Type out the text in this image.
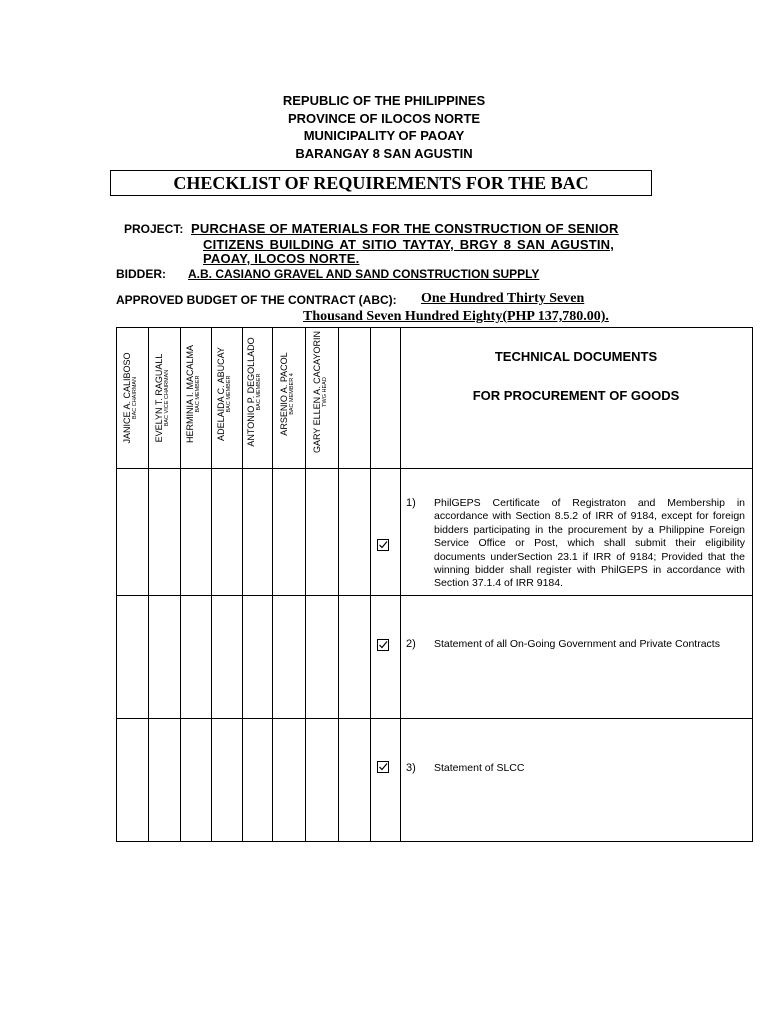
REPUBLIC OF THE PHILIPPINES
PROVINCE OF ILOCOS NORTE
MUNICIPALITY OF PAOAY
BARANGAY 8 SAN AGUSTIN
CHECKLIST OF REQUIREMENTS FOR THE BAC
PROJECT: PURCHASE OF MATERIALS FOR THE CONSTRUCTION OF SENIOR
CITIZENS BUILDING AT SITIO TAYTAY, BRGY 8 SAN AGUSTIN,
PAOAY, ILOCOS NORTE.
BIDDER: A.B. CASIANO GRAVEL AND SAND CONSTRUCTION SUPPLY
APPROVED BUDGET OF THE CONTRACT (ABC): One Hundred Thirty Seven
Thousand Seven Hundred Eighty(PHP 137,780.00).
JANICE A. CALIBOSO BAC CHAIRMAN EVELYN T. RAGUALL BAC VICE CHAIRMAN HERMINIA I. MACALMA BAC MEMBER ADELAIDA C. ABUCAY BAC MEMBER ANTONIO P. DEGOLLADO BAC MEMBER ARSENIO A. PACOL BAC MEMBER 4 GARY ELLEN A. CACAYORIN TWG HEAD
TECHNICAL DOCUMENTS
FOR PROCUREMENT OF GOODS
1) PhilGEPS Certificate of Registraton and Membership in accordance with Section 8.5.2 of IRR of 9184, except for foreign bidders participating in the procurement by a Philippine Foreign Service Office or Post, which shall submit their eligibility documents underSection 23.1 if IRR of 9184; Provided that the winning bidder shall register with PhilGEPS in accordance with Section 37.1.4 of IRR 9184.
2) Statement of all On-Going Government and Private Contracts
3) Statement of SLCC
